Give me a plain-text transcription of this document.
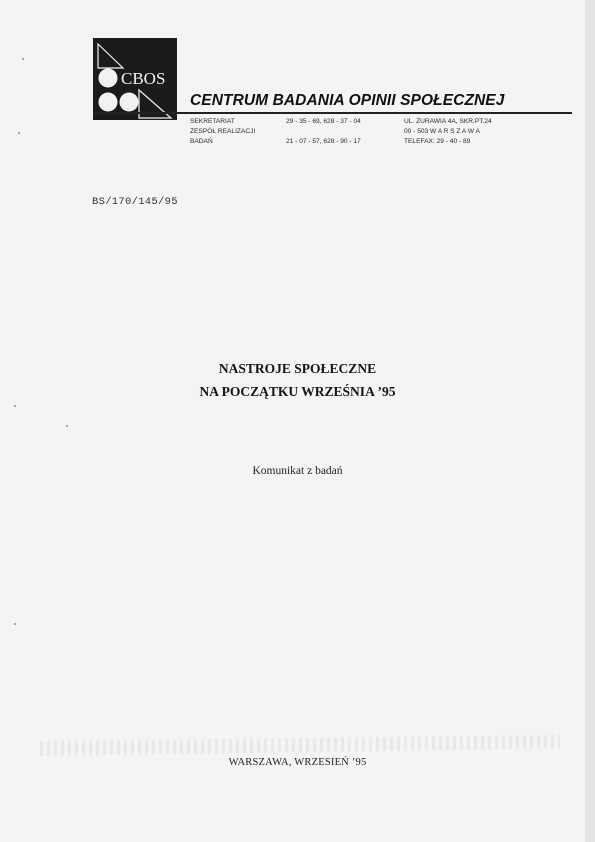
CBOS
CENTRUM BADANIA OPINII SPOŁECZNEJ
SEKRETARIAT
ZESPÓŁ REALIZACJI
BADAŃ
29 - 35 - 69, 628 - 37 - 04
21 - 07 - 57, 628 - 90 - 17
UL. ŻURAWIA 4A, SKR.PT.24
00 - 503 W A R S Z A W A
TELEFAX: 29 - 40 - 89
BS/170/145/95
NASTROJE SPOŁECZNE
NA POCZĄTKU WRZEŚNIA ’95
Komunikat z badań
WARSZAWA, WRZESIEŃ ’95
